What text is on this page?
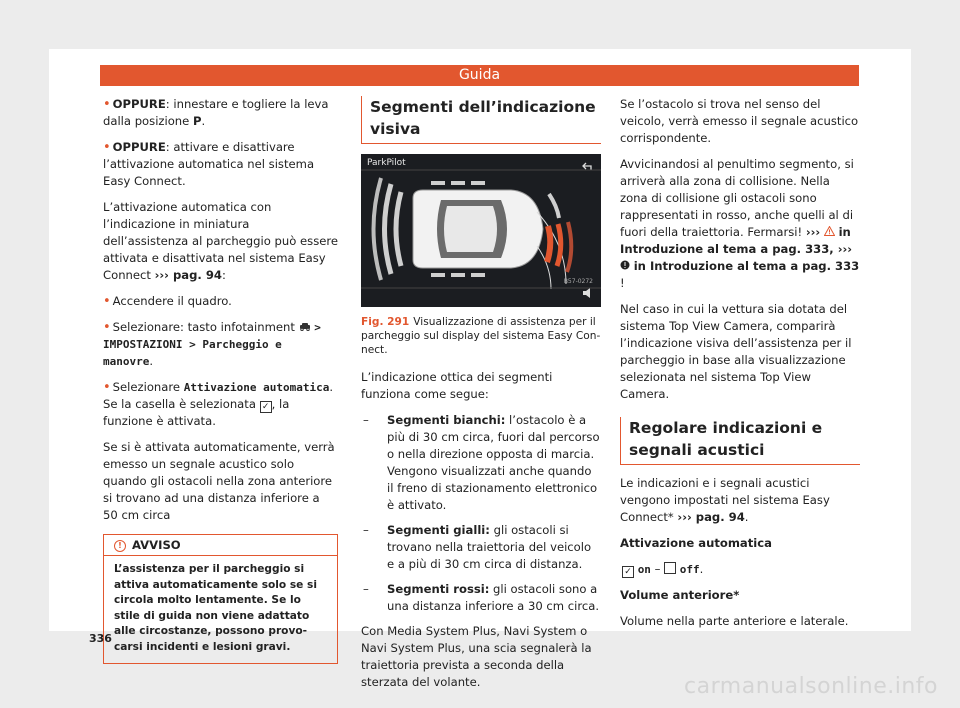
Guida

• OPPURE: innestare e togliere la leva dalla posizione P.

• OPPURE: attivare e disattivare l’attivazione automatica nel sistema Easy Connect.

L’attivazione automatica con l’indicazione in miniatura dell’assistenza al parcheggio può essere attivata e disattivata nel sistema Easy Connect ››› pag. 94:

• Accendere il quadro.

• Selezionare: tasto infotainment > IMPOSTAZIONI > Parcheggio e manovre.

• Selezionare Attivazione automatica. Se la casella è selezionata ✓ , la funzione è attivata.

Se si è attivata automaticamente, verrà emesso un segnale acustico solo quando gli ostacoli nella zona anteriore si trovano ad una distanza inferiore a 50 cm circa

! AVVISO
L’assistenza per il parcheggio si attiva automaticamente solo se si circola molto lentamente. Se lo stile di guida non viene adattato alle circostanze, possono provocarsi incidenti e lesioni gravi.
Segmenti dell’indicazione visiva
ParkPilot
B57-0272
Fig. 291 Visualizzazione di assistenza per il parcheggio sul display del sistema Easy Connect.

L’indicazione ottica dei segmenti funziona come segue:

– Segmenti bianchi: l’ostacolo è a più di 30 cm circa, fuori dal percorso o nella direzione opposta di marcia. Vengono visualizzati anche quando il freno di stazionamento elettronico è attivato.
– Segmenti gialli: gli ostacoli si trovano nella traiettoria del veicolo e a più di 30 cm circa di distanza.
– Segmenti rossi: gli ostacoli sono a una distanza inferiore a 30 cm circa.

Con Media System Plus, Navi System o Navi System Plus, una scia segnalerà la traiettoria prevista a seconda della sterzata del volante.

Se l’ostacolo si trova nel senso del veicolo, verrà emesso il segnale acustico corrispondente.

Avvicinandosi al penultimo segmento, si arriverà alla zona di collisione. Nella zona di collisione gli ostacoli sono rappresentati in rosso, anche quelli al di fuori della traiettoria. Fermarsi! ››› in Introduzione al tema a pag. 333, ›››  in Introduzione al tema a pag. 333 !

Nel caso in cui la vettura sia dotata del sistema Top View Camera, comparirà l’indicazione visiva dell’assistenza per il parcheggio in base alla visualizzazione selezionata nel sistema Top View Camera.

Regolare indicazioni e segnali acustici

Le indicazioni e i segnali acustici vengono impostati nel sistema Easy Connect* ››› pag. 94.

Attivazione automatica

✓ on – off.

Volume anteriore*

Volume nella parte anteriore e laterale.

336
carmanualsonline.info
